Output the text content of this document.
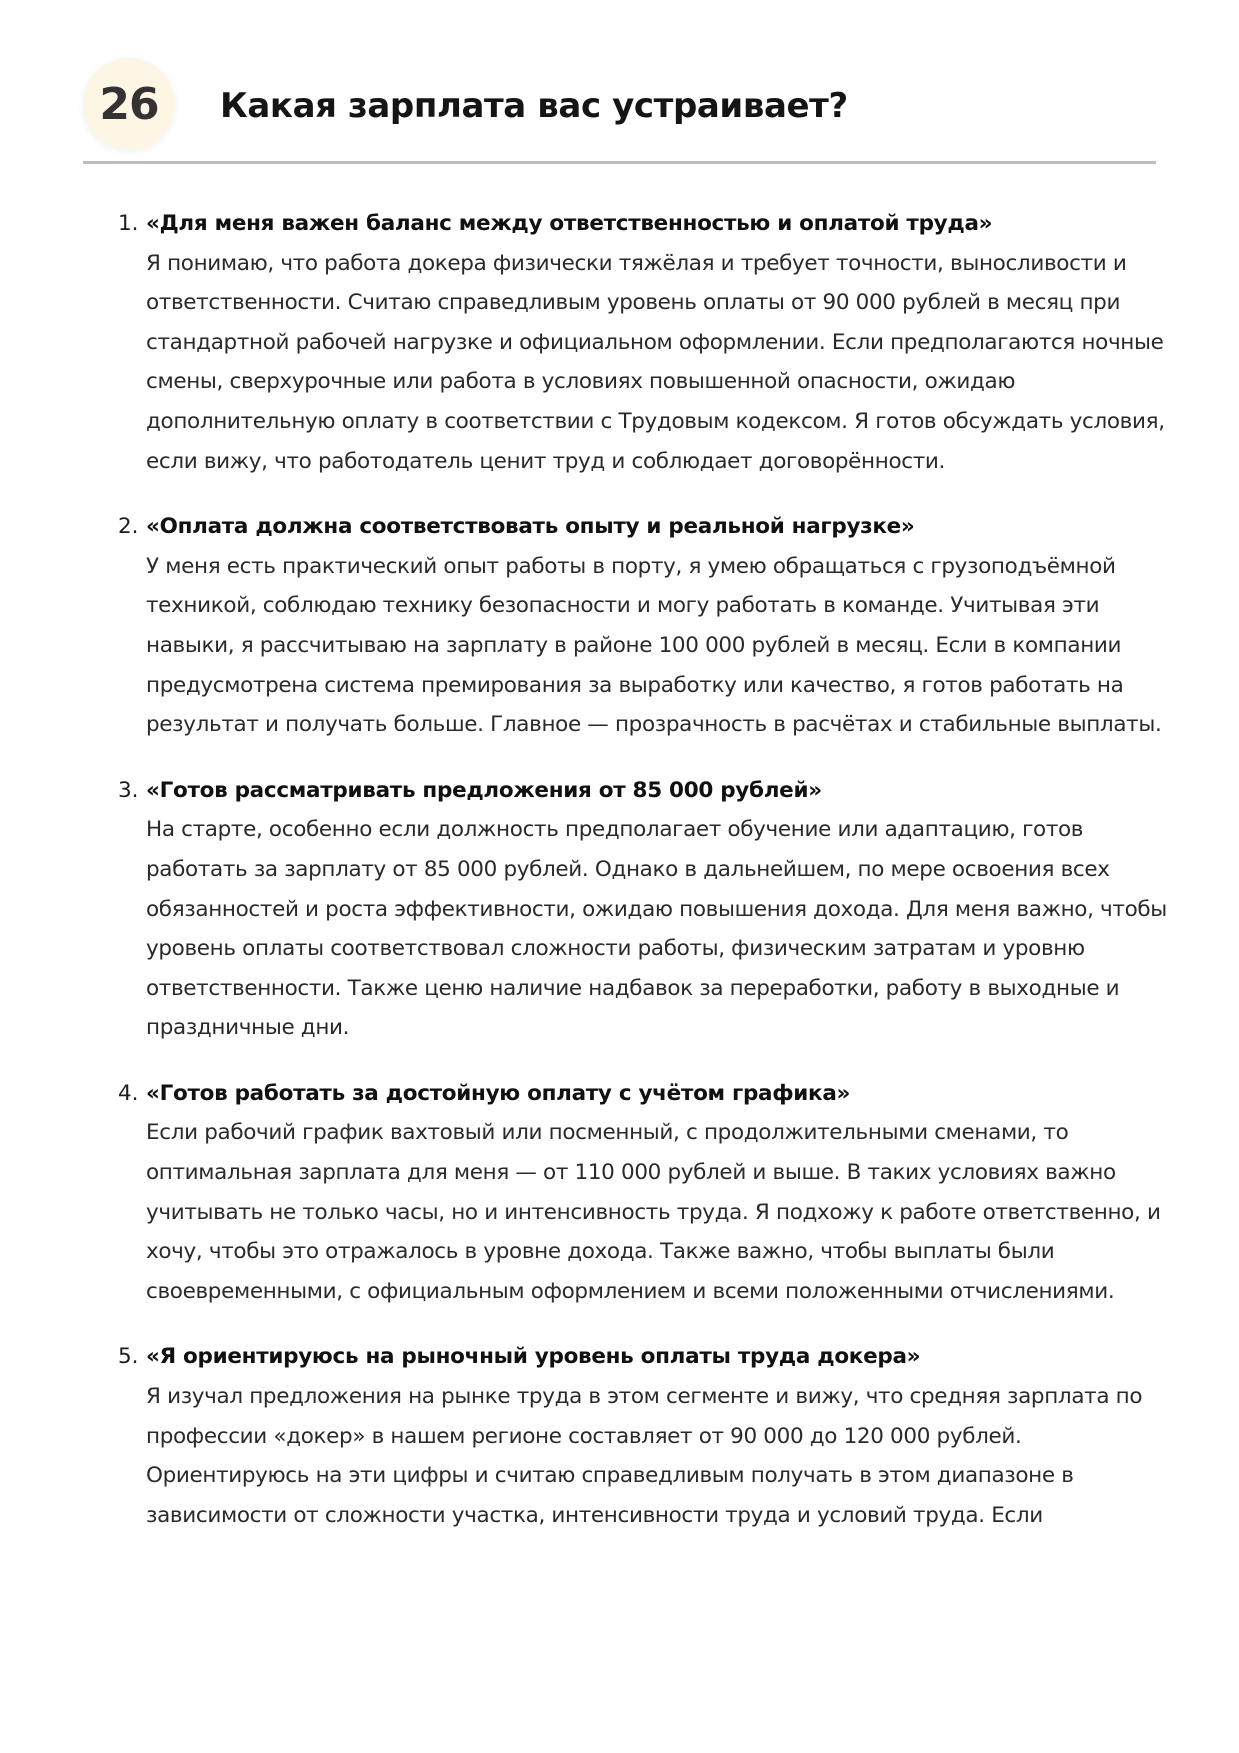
26 Какая зарплата вас устраивает?
1. «Для меня важен баланс между ответственностью и оплатой труда»
Я понимаю, что работа докера физически тяжёлая и требует точности, выносливости и ответственности. Считаю справедливым уровень оплаты от 90 000 рублей в месяц при стандартной рабочей нагрузке и официальном оформлении. Если предполагаются ночные смены, сверхурочные или работа в условиях повышенной опасности, ожидаю дополнительную оплату в соответствии с Трудовым кодексом. Я готов обсуждать условия, если вижу, что работодатель ценит труд и соблюдает договорённости.
2. «Оплата должна соответствовать опыту и реальной нагрузке»
У меня есть практический опыт работы в порту, я умею обращаться с грузоподъёмной техникой, соблюдаю технику безопасности и могу работать в команде. Учитывая эти навыки, я рассчитываю на зарплату в районе 100 000 рублей в месяц. Если в компании предусмотрена система премирования за выработку или качество, я готов работать на результат и получать больше. Главное — прозрачность в расчётах и стабильные выплаты.
3. «Готов рассматривать предложения от 85 000 рублей»
На старте, особенно если должность предполагает обучение или адаптацию, готов работать за зарплату от 85 000 рублей. Однако в дальнейшем, по мере освоения всех обязанностей и роста эффективности, ожидаю повышения дохода. Для меня важно, чтобы уровень оплаты соответствовал сложности работы, физическим затратам и уровню ответственности. Также ценю наличие надбавок за переработки, работу в выходные и праздничные дни.
4. «Готов работать за достойную оплату с учётом графика»
Если рабочий график вахтовый или посменный, с продолжительными сменами, то оптимальная зарплата для меня — от 110 000 рублей и выше. В таких условиях важно учитывать не только часы, но и интенсивность труда. Я подхожу к работе ответственно, и хочу, чтобы это отражалось в уровне дохода. Также важно, чтобы выплаты были своевременными, с официальным оформлением и всеми положенными отчислениями.
5. «Я ориентируюсь на рыночный уровень оплаты труда докера»
Я изучал предложения на рынке труда в этом сегменте и вижу, что средняя зарплата по профессии «докер» в нашем регионе составляет от 90 000 до 120 000 рублей. Ориентируюсь на эти цифры и считаю справедливым получать в этом диапазоне в зависимости от сложности участка, интенсивности труда и условий труда. Если
